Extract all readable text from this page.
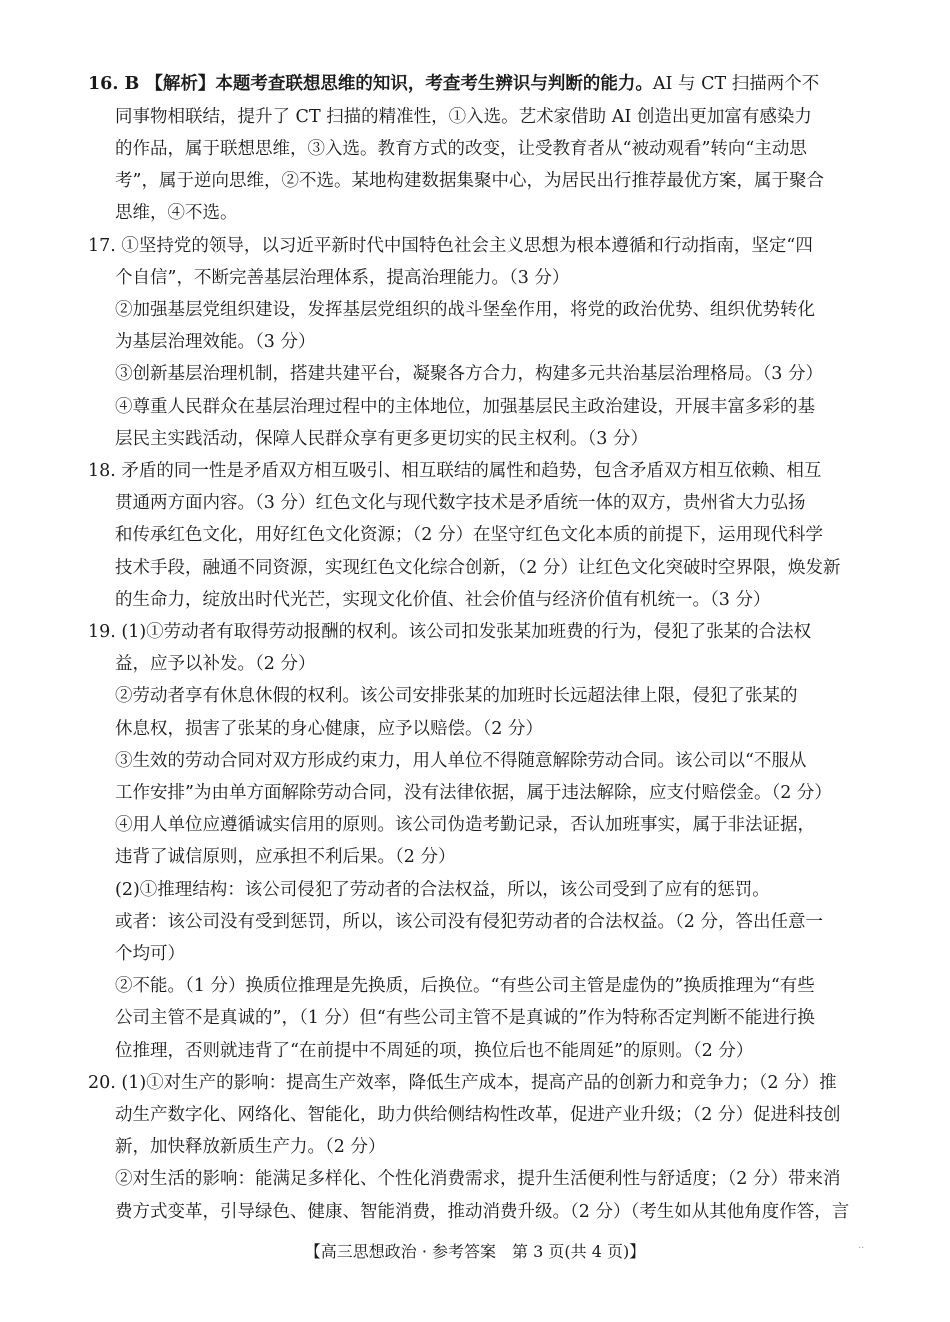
16. B 【解析】本题考查联想思维的知识，考查考生辨识与判断的能力。AI 与 CT 扫描两个不

同事物相联结，提升了 CT 扫描的精准性，①入选。艺术家借助 AI 创造出更加富有感染力

的作品，属于联想思维，③入选。教育方式的改变，让受教育者从“被动观看”转向“主动思

考”，属于逆向思维，②不选。某地构建数据集聚中心，为居民出行推荐最优方案，属于聚合

思维，④不选。

17. ①坚持党的领导，以习近平新时代中国特色社会主义思想为根本遵循和行动指南，坚定“四

个自信”，不断完善基层治理体系，提高治理能力。（3 分）

②加强基层党组织建设，发挥基层党组织的战斗堡垒作用，将党的政治优势、组织优势转化

为基层治理效能。（3 分）

③创新基层治理机制，搭建共建平台，凝聚各方合力，构建多元共治基层治理格局。（3 分）

④尊重人民群众在基层治理过程中的主体地位，加强基层民主政治建设，开展丰富多彩的基

层民主实践活动，保障人民群众享有更多更切实的民主权利。（3 分）

18. 矛盾的同一性是矛盾双方相互吸引、相互联结的属性和趋势，包含矛盾双方相互依赖、相互

贯通两方面内容。（3 分）红色文化与现代数字技术是矛盾统一体的双方，贵州省大力弘扬

和传承红色文化，用好红色文化资源；（2 分）在坚守红色文化本质的前提下，运用现代科学

技术手段，融通不同资源，实现红色文化综合创新，（2 分）让红色文化突破时空界限，焕发新

的生命力，绽放出时代光芒，实现文化价值、社会价值与经济价值有机统一。（3 分）

19. (1)①劳动者有取得劳动报酬的权利。该公司扣发张某加班费的行为，侵犯了张某的合法权

益，应予以补发。（2 分）

②劳动者享有休息休假的权利。该公司安排张某的加班时长远超法律上限，侵犯了张某的

休息权，损害了张某的身心健康，应予以赔偿。（2 分）

③生效的劳动合同对双方形成约束力，用人单位不得随意解除劳动合同。该公司以“不服从

工作安排”为由单方面解除劳动合同，没有法律依据，属于违法解除，应支付赔偿金。（2 分）

④用人单位应遵循诚实信用的原则。该公司伪造考勤记录，否认加班事实，属于非法证据，

违背了诚信原则，应承担不利后果。（2 分）

(2)①推理结构：该公司侵犯了劳动者的合法权益，所以，该公司受到了应有的惩罚。

或者：该公司没有受到惩罚，所以，该公司没有侵犯劳动者的合法权益。（2 分，答出任意一

个均可）

②不能。（1 分）换质位推理是先换质，后换位。“有些公司主管是虚伪的”换质推理为“有些

公司主管不是真诚的”，（1 分）但“有些公司主管不是真诚的”作为特称否定判断不能进行换

位推理，否则就违背了“在前提中不周延的项，换位后也不能周延”的原则。（2 分）

20. (1)①对生产的影响：提高生产效率，降低生产成本，提高产品的创新力和竞争力；（2 分）推

动生产数字化、网络化、智能化，助力供给侧结构性改革，促进产业升级；（2 分）促进科技创

新，加快释放新质生产力。（2 分）

②对生活的影响：能满足多样化、个性化消费需求，提升生活便利性与舒适度；（2 分）带来消

费方式变革，引导绿色、健康、智能消费，推动消费升级。（2 分）（考生如从其他角度作答，言

【高三思想政治 · 参考答案　第 3 页(共 4 页)】	..
